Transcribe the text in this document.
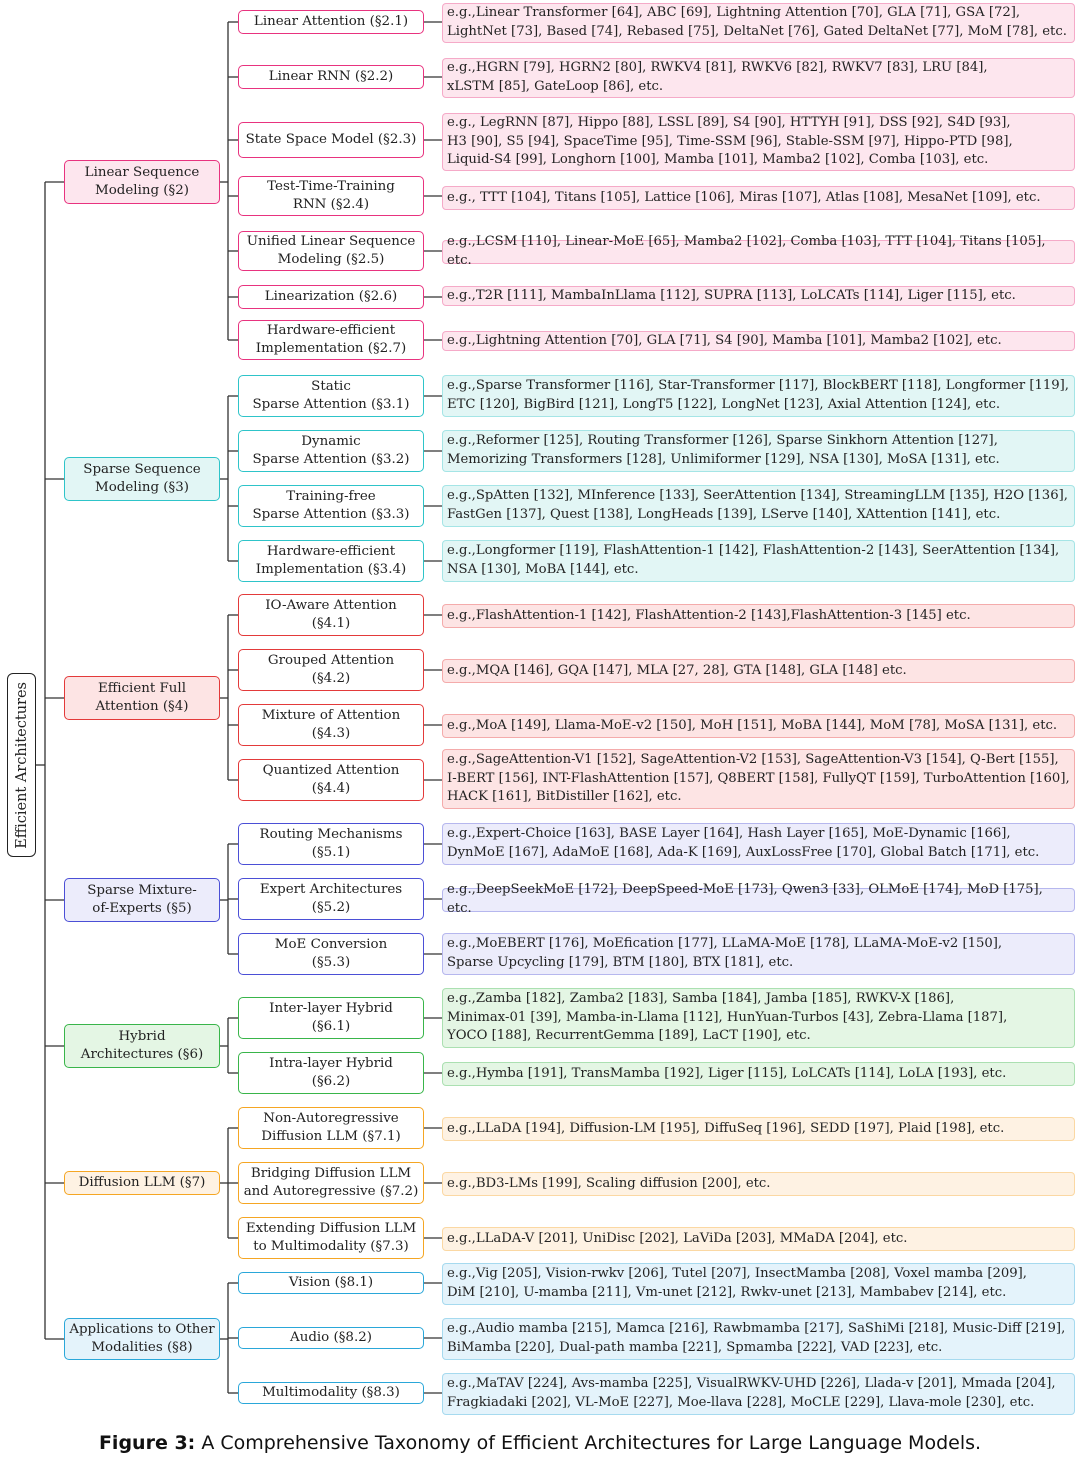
Efficient Architectures
Linear Sequence
Modeling (§2)
Linear Attention (§2.1)
e.g.,Linear Transformer [64], ABC [69], Lightning Attention [70], GLA [71], GSA [72],
LightNet [73], Based [74], Rebased [75], DeltaNet [76], Gated DeltaNet [77], MoM [78], etc.
Linear RNN (§2.2)
e.g.,HGRN [79], HGRN2 [80], RWKV4 [81], RWKV6 [82], RWKV7 [83], LRU [84],
xLSTM [85], GateLoop [86], etc.
State Space Model (§2.3)
e.g., LegRNN [87], Hippo [88], LSSL [89], S4 [90], HTTYH [91], DSS [92], S4D [93],
H3 [90], S5 [94], SpaceTime [95], Time-SSM [96], Stable-SSM [97], Hippo-PTD [98],
Liquid-S4 [99], Longhorn [100], Mamba [101], Mamba2 [102], Comba [103], etc.
Test-Time-Training
RNN (§2.4)	e.g., TTT [104], Titans [105], Lattice [106], Miras [107], Atlas [108], MesaNet [109], etc.
Unified Linear Sequence
Modeling (§2.5)
e.g.,LCSM [110], Linear-MoE [65], Mamba2 [102], Comba [103], TTT [104], Titans [105], etc.
Linearization (§2.6)	e.g.,T2R [111], MambaInLlama [112], SUPRA [113], LoLCATs [114], Liger [115], etc.
Hardware-efficient
Implementation (§2.7)
e.g.,Lightning Attention [70], GLA [71], S4 [90], Mamba [101], Mamba2 [102], etc.
Sparse Sequence
Modeling (§3)
Static
Sparse Attention (§3.1)
e.g.,Sparse Transformer [116], Star-Transformer [117], BlockBERT [118], Longformer [119],
ETC [120], BigBird [121], LongT5 [122], LongNet [123], Axial Attention [124], etc.
Dynamic
Sparse Attention (§3.2)
e.g.,Reformer [125], Routing Transformer [126], Sparse Sinkhorn Attention [127],
Memorizing Transformers [128], Unlimiformer [129], NSA [130], MoSA [131], etc.
Training-free
Sparse Attention (§3.3)
e.g.,SpAtten [132], MInference [133], SeerAttention [134], StreamingLLM [135], H2O [136],
FastGen [137], Quest [138], LongHeads [139], LServe [140], XAttention [141], etc.
Hardware-efficient
Implementation (§3.4)
e.g.,Longformer [119], FlashAttention-1 [142], FlashAttention-2 [143], SeerAttention [134],
NSA [130], MoBA [144], etc.
Efficient Full
Attention (§4)
IO-Aware Attention
(§4.1)
e.g.,FlashAttention-1 [142], FlashAttention-2 [143],FlashAttention-3 [145] etc.
Grouped Attention
(§4.2)
e.g.,MQA [146], GQA [147], MLA [27, 28], GTA [148], GLA [148] etc.
Mixture of Attention
(§4.3)
e.g.,MoA [149], Llama-MoE-v2 [150], MoH [151], MoBA [144], MoM [78], MoSA [131], etc.
Quantized Attention
(§4.4)
e.g.,SageAttention-V1 [152], SageAttention-V2 [153], SageAttention-V3 [154], Q-Bert [155],
I-BERT [156], INT-FlashAttention [157], Q8BERT [158], FullyQT [159], TurboAttention [160],
HACK [161], BitDistiller [162], etc.
Sparse Mixture-
of-Experts (§5)
Routing Mechanisms
(§5.1)
e.g.,Expert-Choice [163], BASE Layer [164], Hash Layer [165], MoE-Dynamic [166],
DynMoE [167], AdaMoE [168], Ada-K [169], AuxLossFree [170], Global Batch [171], etc.
Expert Architectures
(§5.2)
e.g.,DeepSeekMoE [172], DeepSpeed-MoE [173], Qwen3 [33], OLMoE [174], MoD [175], etc.
MoE Conversion
(§5.3)
e.g.,MoEBERT [176], MoEfication [177], LLaMA-MoE [178], LLaMA-MoE-v2 [150],
Sparse Upcycling [179], BTM [180], BTX [181], etc.
Hybrid
Architectures (§6)
Inter-layer Hybrid
(§6.1)
e.g.,Zamba [182], Zamba2 [183], Samba [184], Jamba [185], RWKV-X [186],
Minimax-01 [39], Mamba-in-Llama [112], HunYuan-Turbos [43], Zebra-Llama [187],
YOCO [188], RecurrentGemma [189], LaCT [190], etc.
Intra-layer Hybrid
(§6.2)
e.g.,Hymba [191], TransMamba [192], Liger [115], LoLCATs [114], LoLA [193], etc.
Diffusion LLM (§7)
Non-Autoregressive
Diffusion LLM (§7.1)
e.g.,LLaDA [194], Diffusion-LM [195], DiffuSeq [196], SEDD [197], Plaid [198], etc.
Bridging Diffusion LLM
and Autoregressive (§7.2)
e.g.,BD3-LMs [199], Scaling diffusion [200], etc.
Extending Diffusion LLM
to Multimodality (§7.3)
e.g.,LLaDA-V [201], UniDisc [202], LaViDa [203], MMaDA [204], etc.
Applications to Other
Modalities (§8)
Vision (§8.1)
e.g.,Vig [205], Vision-rwkv [206], Tutel [207], InsectMamba [208], Voxel mamba [209],
DiM [210], U-mamba [211], Vm-unet [212], Rwkv-unet [213], Mambabev [214], etc.
Audio (§8.2)
e.g.,Audio mamba [215], Mamca [216], Rawbmamba [217], SaShiMi [218], Music-Diff [219],
BiMamba [220], Dual-path mamba [221], Spmamba [222], VAD [223], etc.
Multimodality (§8.3)
e.g.,MaTAV [224], Avs-mamba [225], VisualRWKV-UHD [226], Llada-v [201], Mmada [204],
Fragkiadaki [202], VL-MoE [227], Moe-llava [228], MoCLE [229], Llava-mole [230], etc.
Figure 3: A Comprehensive Taxonomy of Efficient Architectures for Large Language Models.
